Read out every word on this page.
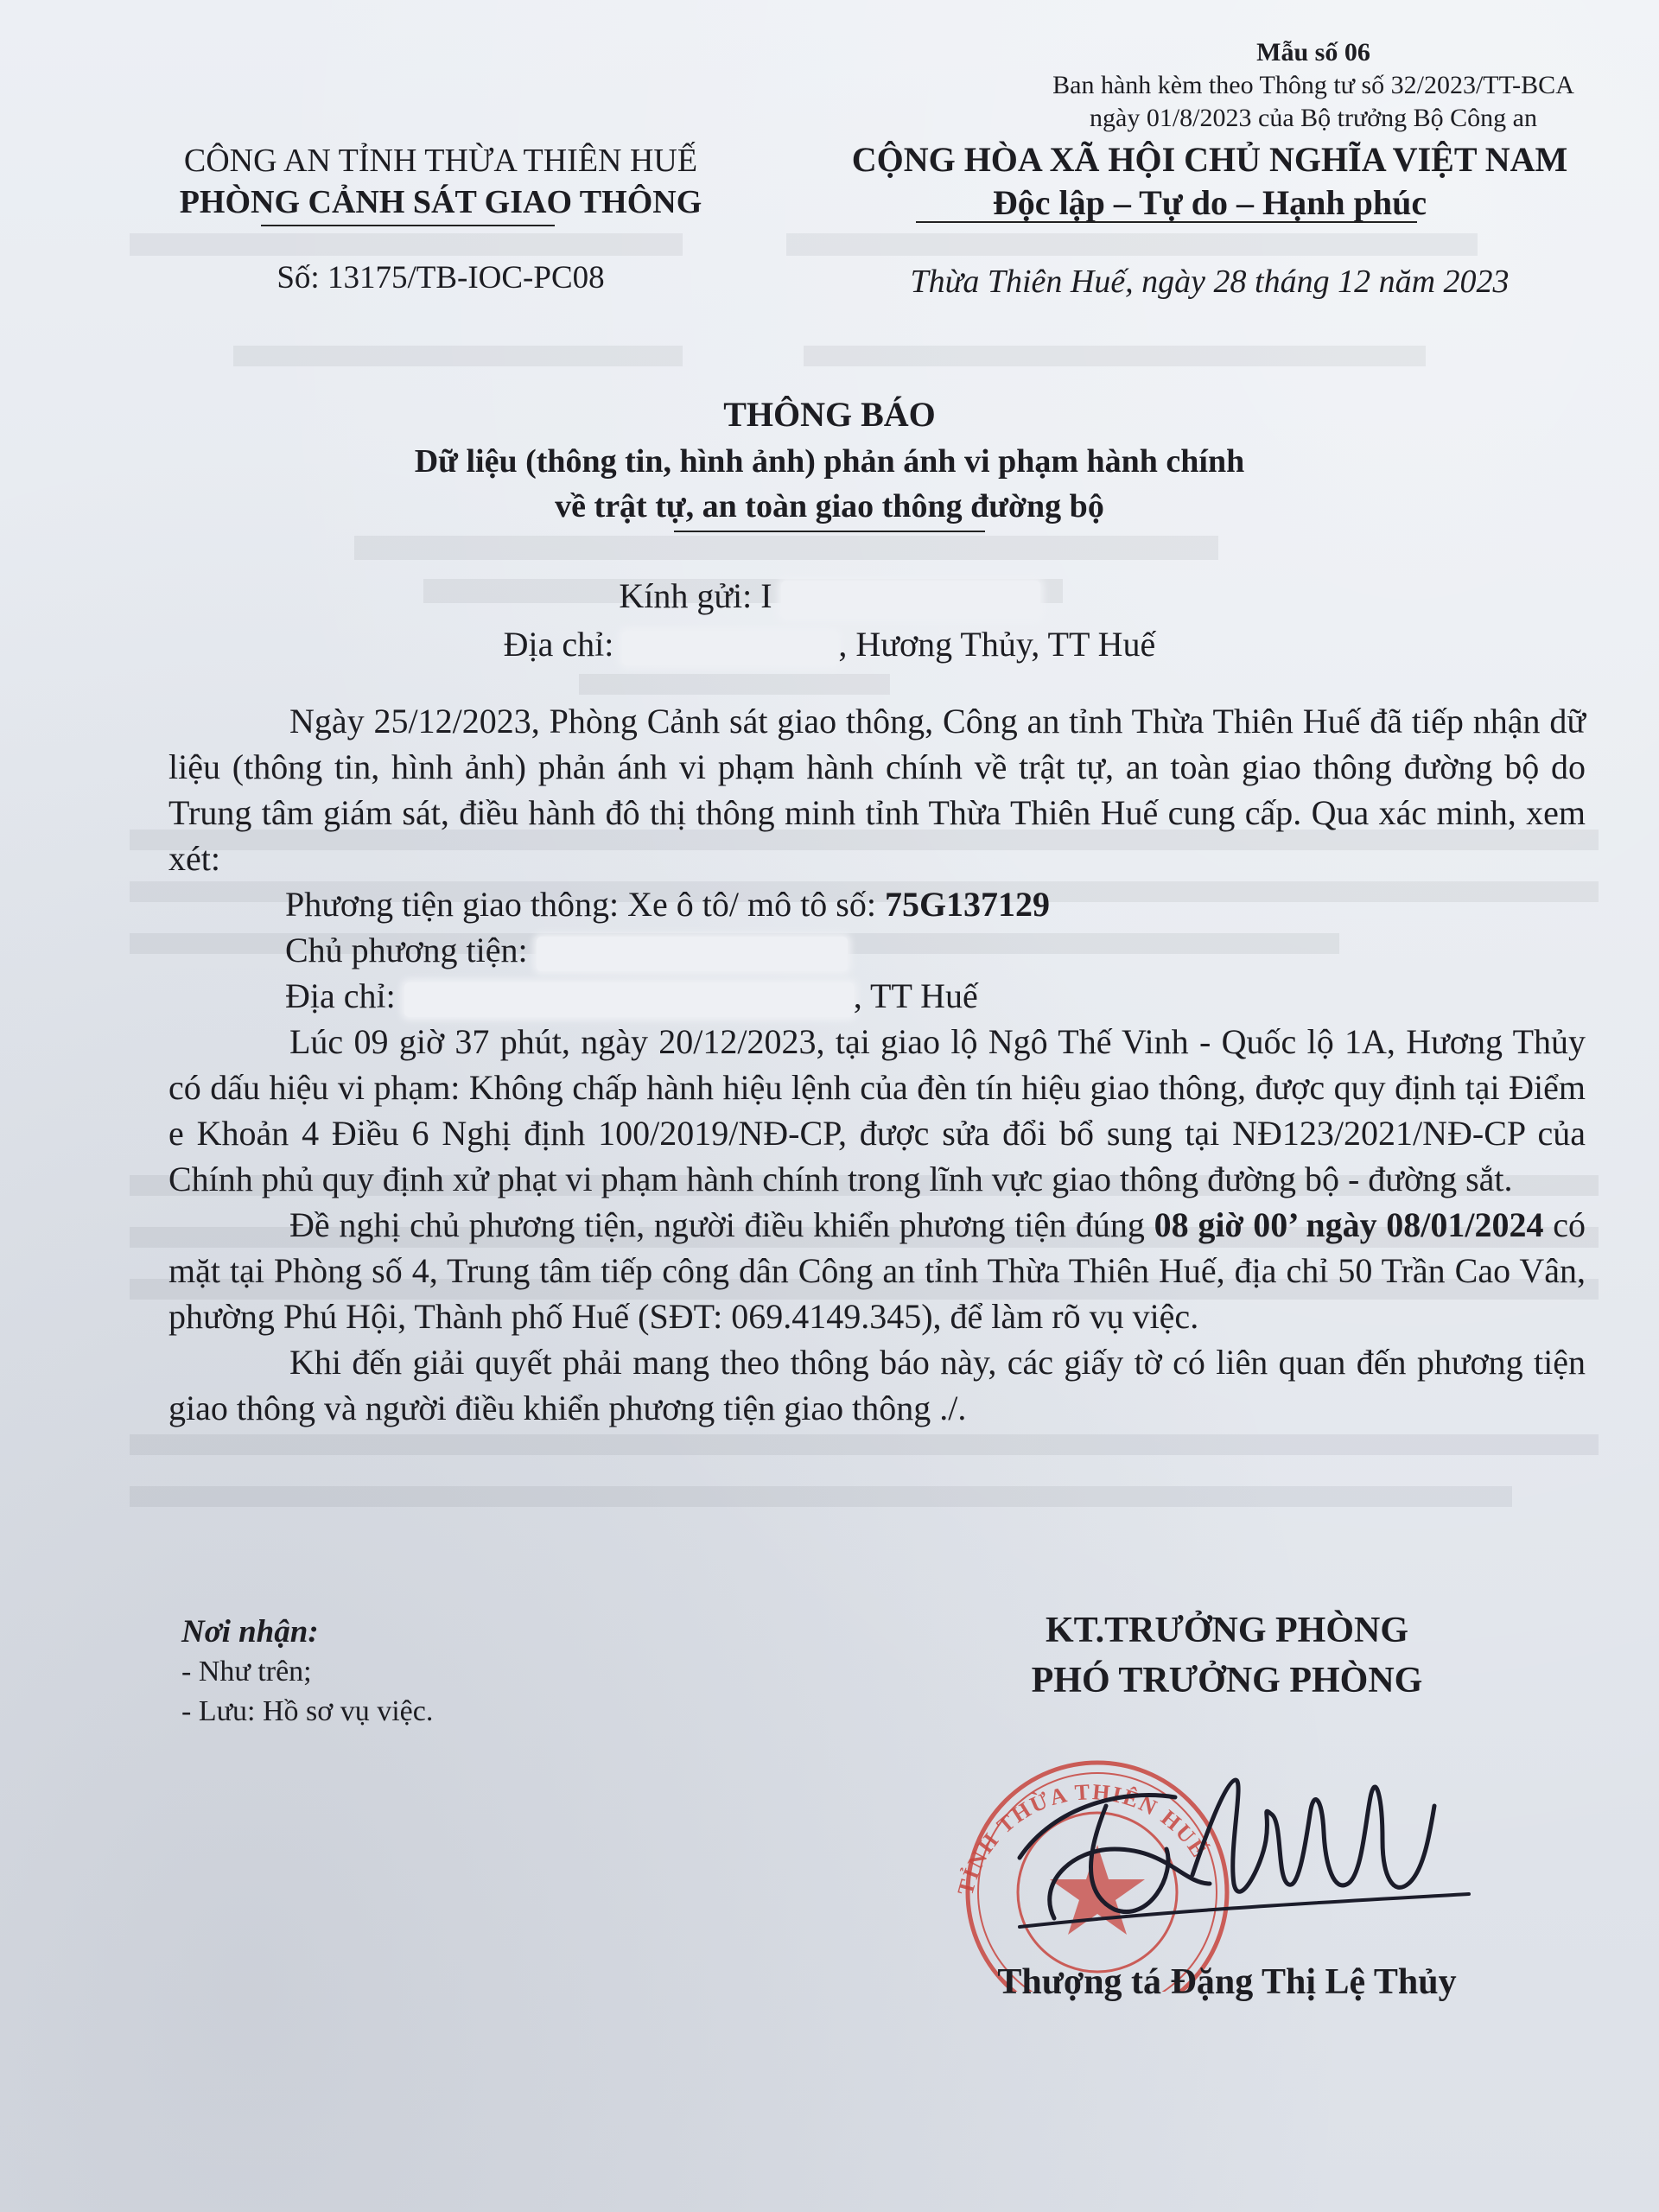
Mẫu số 06
Ban hành kèm theo Thông tư số 32/2023/TT-BCA
ngày 01/8/2023 của Bộ trưởng Bộ Công an
CÔNG AN TỈNH THỪA THIÊN HUẾ
PHÒNG CẢNH SÁT GIAO THÔNG
CỘNG HÒA XÃ HỘI CHỦ NGHĨA VIỆT NAM
Độc lập – Tự do – Hạnh phúc
Số: 13175/TB-IOC-PC08	Thừa Thiên Huế, ngày 28 tháng 12 năm 2023
THÔNG BÁO
Dữ liệu (thông tin, hình ảnh) phản ánh vi phạm hành chính
về trật tự, an toàn giao thông đường bộ
Kính gửi: I
Địa chỉ:	, Hương Thủy, TT Huế

Ngày 25/12/2023, Phòng Cảnh sát giao thông, Công an tỉnh Thừa Thiên Huế đã tiếp nhận dữ liệu (thông tin, hình ảnh) phản ánh vi phạm hành chính về trật tự, an toàn giao thông đường bộ do Trung tâm giám sát, điều hành đô thị thông minh tỉnh Thừa Thiên Huế cung cấp. Qua xác minh, xem xét:

Phương tiện giao thông: Xe ô tô/ mô tô số: 75G137129

Chủ phương tiện:

Địa chỉ:	, TT Huế

Lúc 09 giờ 37 phút, ngày 20/12/2023, tại giao lộ Ngô Thế Vinh - Quốc lộ 1A, Hương Thủy có dấu hiệu vi phạm: Không chấp hành hiệu lệnh của đèn tín hiệu giao thông, được quy định tại Điểm e Khoản 4 Điều 6 Nghị định 100/2019/NĐ-CP, được sửa đổi bổ sung tại NĐ123/2021/NĐ-CP của Chính phủ quy định xử phạt vi phạm hành chính trong lĩnh vực giao thông đường bộ - đường sắt.

Đề nghị chủ phương tiện, người điều khiển phương tiện đúng 08 giờ 00’ ngày 08/01/2024 có mặt tại Phòng số 4, Trung tâm tiếp công dân Công an tỉnh Thừa Thiên Huế, địa chỉ 50 Trần Cao Vân, phường Phú Hội, Thành phố Huế (SĐT: 069.4149.345), để làm rõ vụ việc.

Khi đến giải quyết phải mang theo thông báo này, các giấy tờ có liên quan đến phương tiện giao thông và người điều khiển phương tiện giao thông ./.

Nơi nhận:
- Như trên;
- Lưu: Hồ sơ vụ việc.
KT.TRƯỞNG PHÒNG
PHÓ TRƯỞNG PHÒNG
TỈNH THỪA THIÊN HUẾ
Thượng tá Đặng Thị Lệ Thủy
